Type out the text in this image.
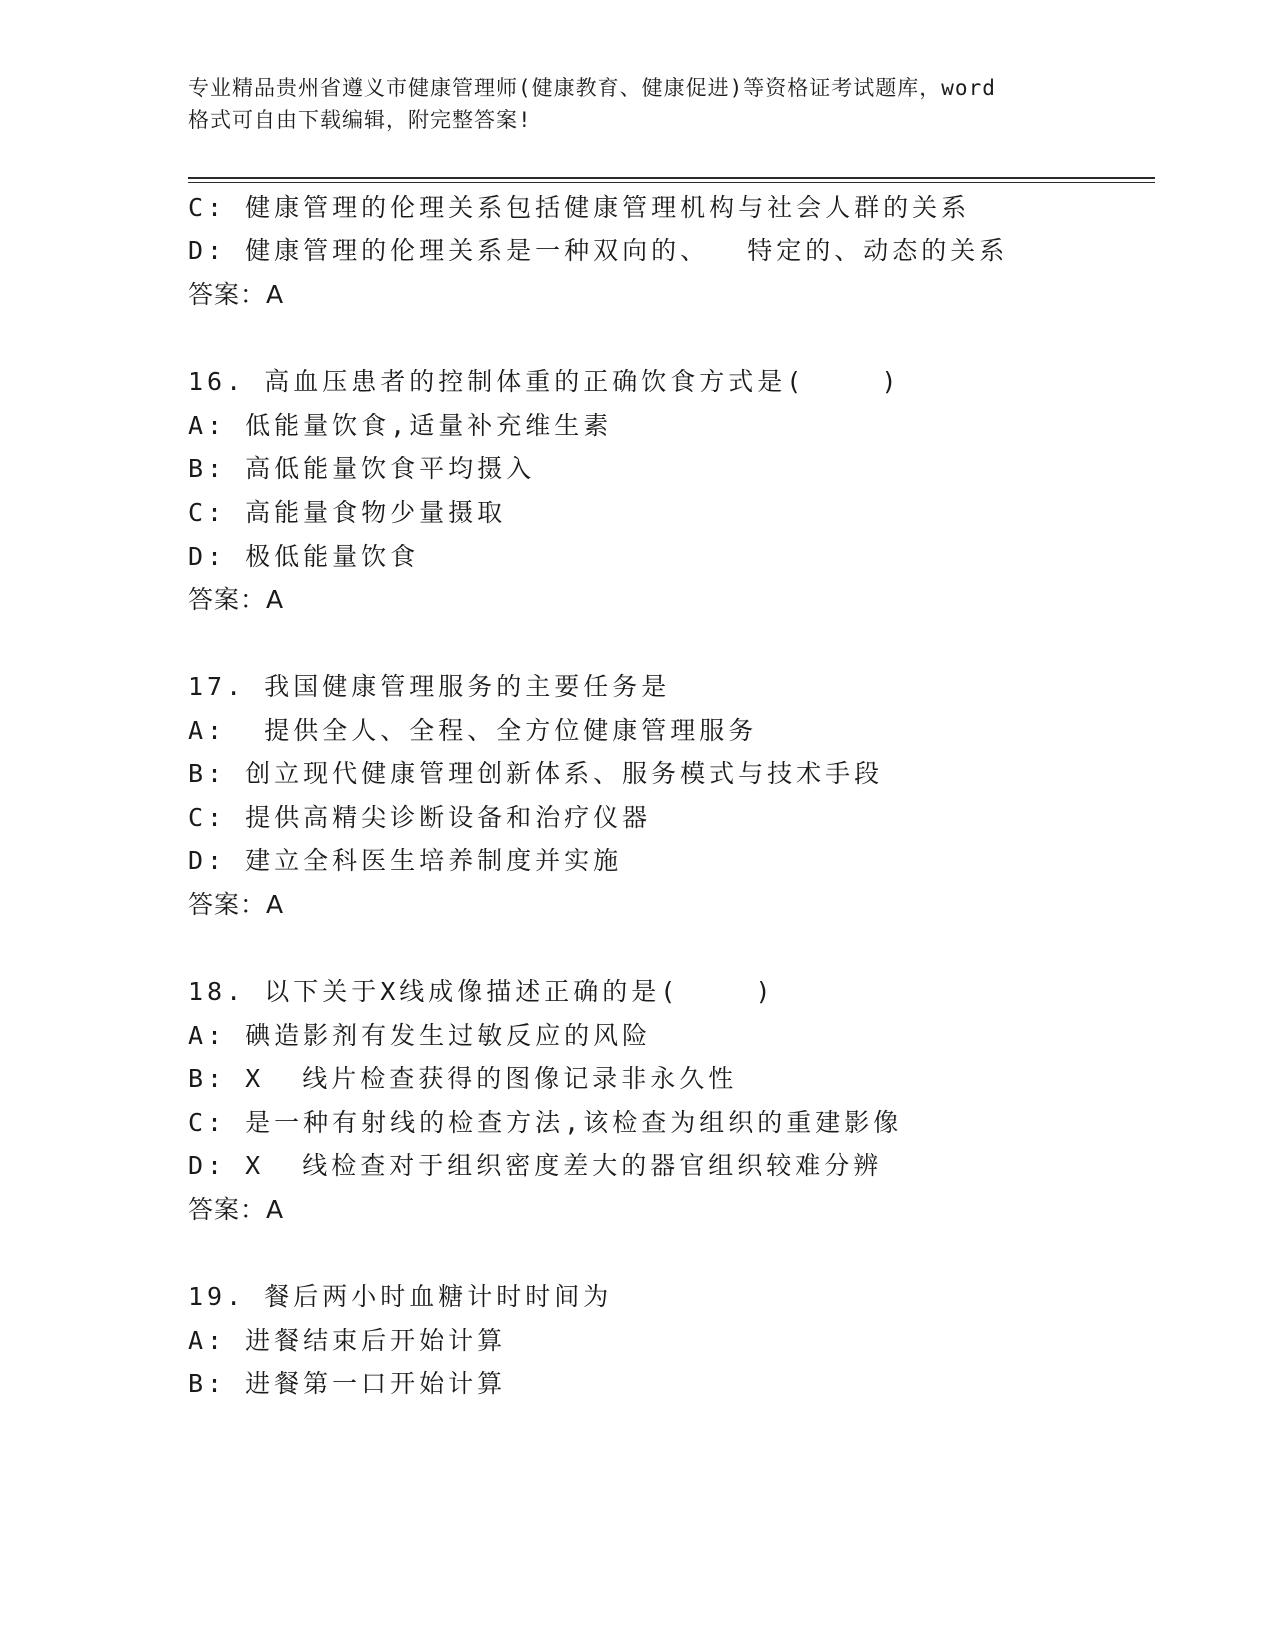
专业精品贵州省遵义市健康管理师(健康教育、健康促进)等资格证考试题库，word
格式可自由下载编辑，附完整答案!
C: 健康管理的伦理关系包括健康管理机构与社会人群的关系
D: 健康管理的伦理关系是一种双向的、  特定的、动态的关系
答案：A
16. 高血压患者的控制体重的正确饮食方式是(    )
A: 低能量饮食,适量补充维生素
B: 高低能量饮食平均摄入
C: 高能量食物少量摄取
D: 极低能量饮食
答案：A
17. 我国健康管理服务的主要任务是
A:  提供全人、全程、全方位健康管理服务
B: 创立现代健康管理创新体系、服务模式与技术手段
C: 提供高精尖诊断设备和治疗仪器
D: 建立全科医生培养制度并实施
答案：A
18. 以下关于X线成像描述正确的是(    )
A: 碘造影剂有发生过敏反应的风险
B: X  线片检查获得的图像记录非永久性
C: 是一种有射线的检查方法,该检查为组织的重建影像
D: X  线检查对于组织密度差大的器官组织较难分辨
答案：A
19. 餐后两小时血糖计时时间为
A: 进餐结束后开始计算
B: 进餐第一口开始计算
